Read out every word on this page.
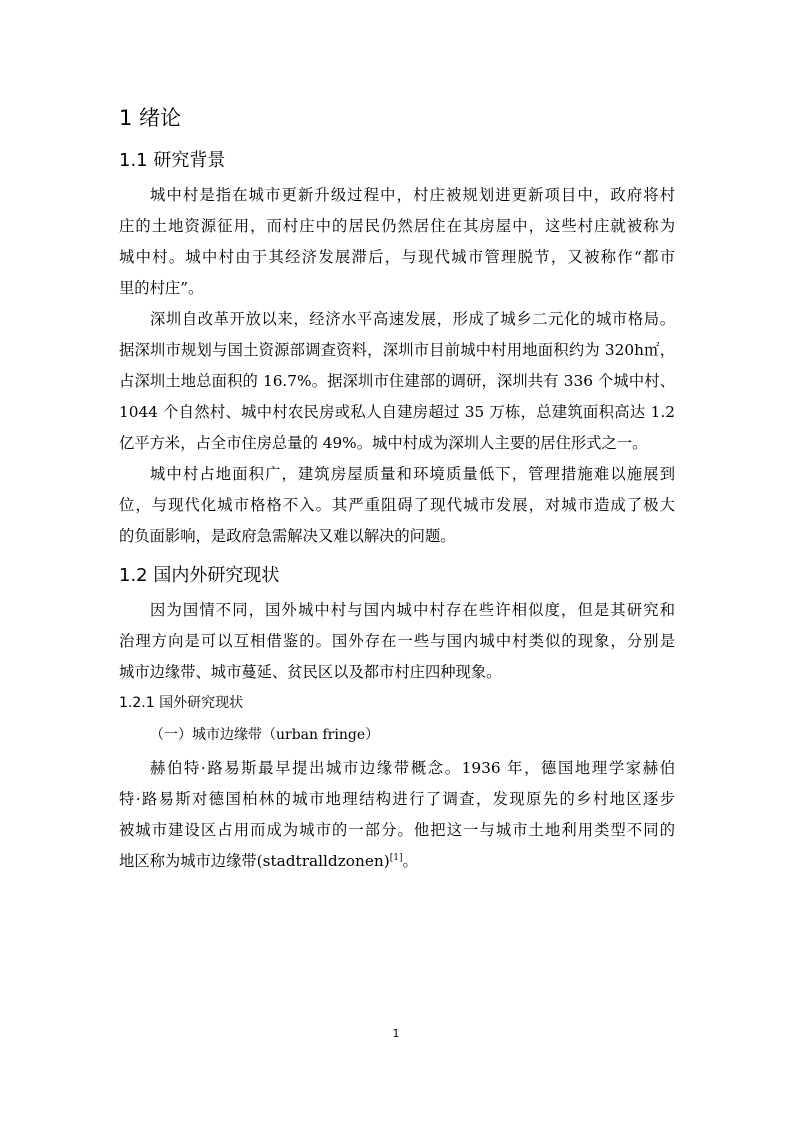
1 绪论
1.1 研究背景
城中村是指在城市更新升级过程中，村庄被规划进更新项目中，政府将村
庄的土地资源征用，而村庄中的居民仍然居住在其房屋中，这些村庄就被称为
城中村。城中村由于其经济发展滞后，与现代城市管理脱节，又被称作“都市
里的村庄”。
深圳自改革开放以来，经济水平高速发展，形成了城乡二元化的城市格局。
据深圳市规划与国土资源部调查资料，深圳市目前城中村用地面积约为 320h㎡，
占深圳土地总面积的 16.7%。据深圳市住建部的调研，深圳共有 336 个城中村、
1044 个自然村、城中村农民房或私人自建房超过 35 万栋，总建筑面积高达 1.2
亿平方米，占全市住房总量的 49%。城中村成为深圳人主要的居住形式之一。
城中村占地面积广，建筑房屋质量和环境质量低下，管理措施难以施展到
位，与现代化城市格格不入。其严重阻碍了现代城市发展，对城市造成了极大
的负面影响，是政府急需解决又难以解决的问题。
1.2 国内外研究现状
因为国情不同，国外城中村与国内城中村存在些许相似度，但是其研究和
治理方向是可以互相借鉴的。国外存在一些与国内城中村类似的现象，分别是
城市边缘带、城市蔓延、贫民区以及都市村庄四种现象。
1.2.1 国外研究现状
（一）城市边缘带（urban fringe）
赫伯特·路易斯最早提出城市边缘带概念。1936 年，德国地理学家赫伯
特·路易斯对德国柏林的城市地理结构进行了调查，发现原先的乡村地区逐步
被城市建设区占用而成为城市的一部分。他把这一与城市土地利用类型不同的
地区称为城市边缘带(stadtralldzonen)[1]。
1
